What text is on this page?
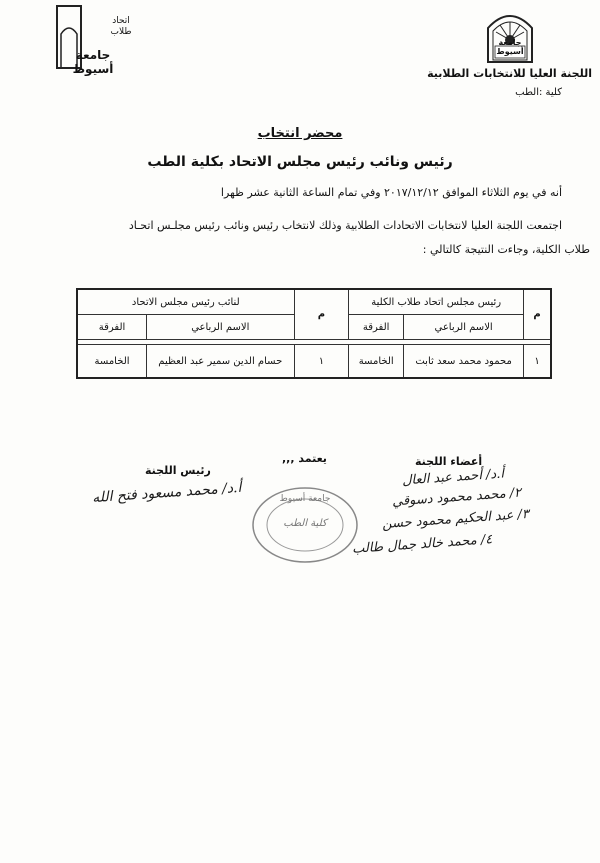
جامعة أسيوط
اتحاد طلاب
جامعة أسيوط	اللجنة العليا للانتخابات الطلابية
كلية :الطب
محضر انتخاب
رئيس ونائب رئيس مجلس الاتحاد بكلية الطب
أنه في يوم الثلاثاء الموافق ٢٠١٧/١٢/١٢ وفي تمام الساعة الثانية عشر ظهرا
اجتمعت اللجنة العليا لانتخابات الاتحادات الطلابية وذلك لانتخاب رئيس ونائب رئيس مجلـس اتحـاد
طلاب الكلية، وجاءت النتيجة كالتالي :
م	رئيس مجلس اتحاد طلاب الكلية		م	لنائب رئيس مجلس الاتحاد	
	الاسم الرباعي	الفرقة		الاسم الرباعي	الفرقة

١	محمود محمد سعد ثابت	الخامسة	١	حسام الدين سمير عبد العظيم	الخامسة
أعضاء اللجنة
أ.د/ أحمد عبد العال
٢/ محمد محمود دسوقي
٣/ عبد الحكيم محمود حسن
٤/ محمد خالد جمال طالب
يعتمد ,,,
رئيس اللجنة
أ.د/ محمد مسعود فتح الله	جامعة أسيوط
كلية الطب
